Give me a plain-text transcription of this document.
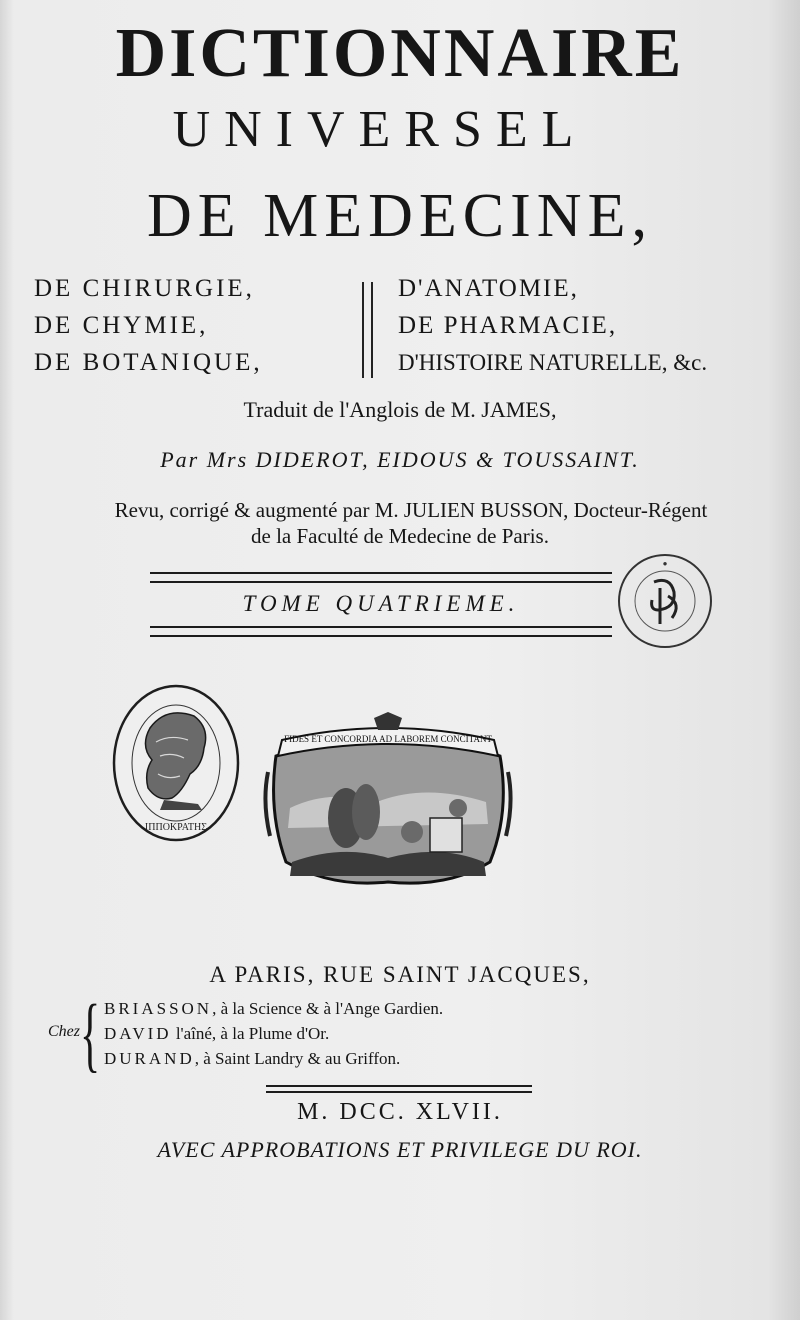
DICTIONNAIRE
UNIVERSEL
DE MEDECINE,
DE CHIRURGIE,
DE CHYMIE,
DE BOTANIQUE,
D'ANATOMIE,
DE PHARMACIE,
D'HISTOIRE NATURELLE, &c.
Traduit de l'Anglois de M. JAMES,
Par Mrs DIDEROT, EIDOUS & TOUSSAINT.
Revu, corrigé & augmenté par M. JULIEN BUSSON, Docteur-Régent
de la Faculté de Medecine de Paris.
TOME QUATRIEME.
●
ΙΠΠΟΚΡΑΤΗΣ
FIDES ET CONCORDIA AD LABOREM CONCITANT
A PARIS, RUE SAINT JACQUES,
Chez { BRIASSON, à la Science & à l'Ange Gardien.
DAVID l'aîné, à la Plume d'Or.
DURAND, à Saint Landry & au Griffon.
M. DCC. XLVII.
AVEC APPROBATIONS ET PRIVILEGE DU ROI.
